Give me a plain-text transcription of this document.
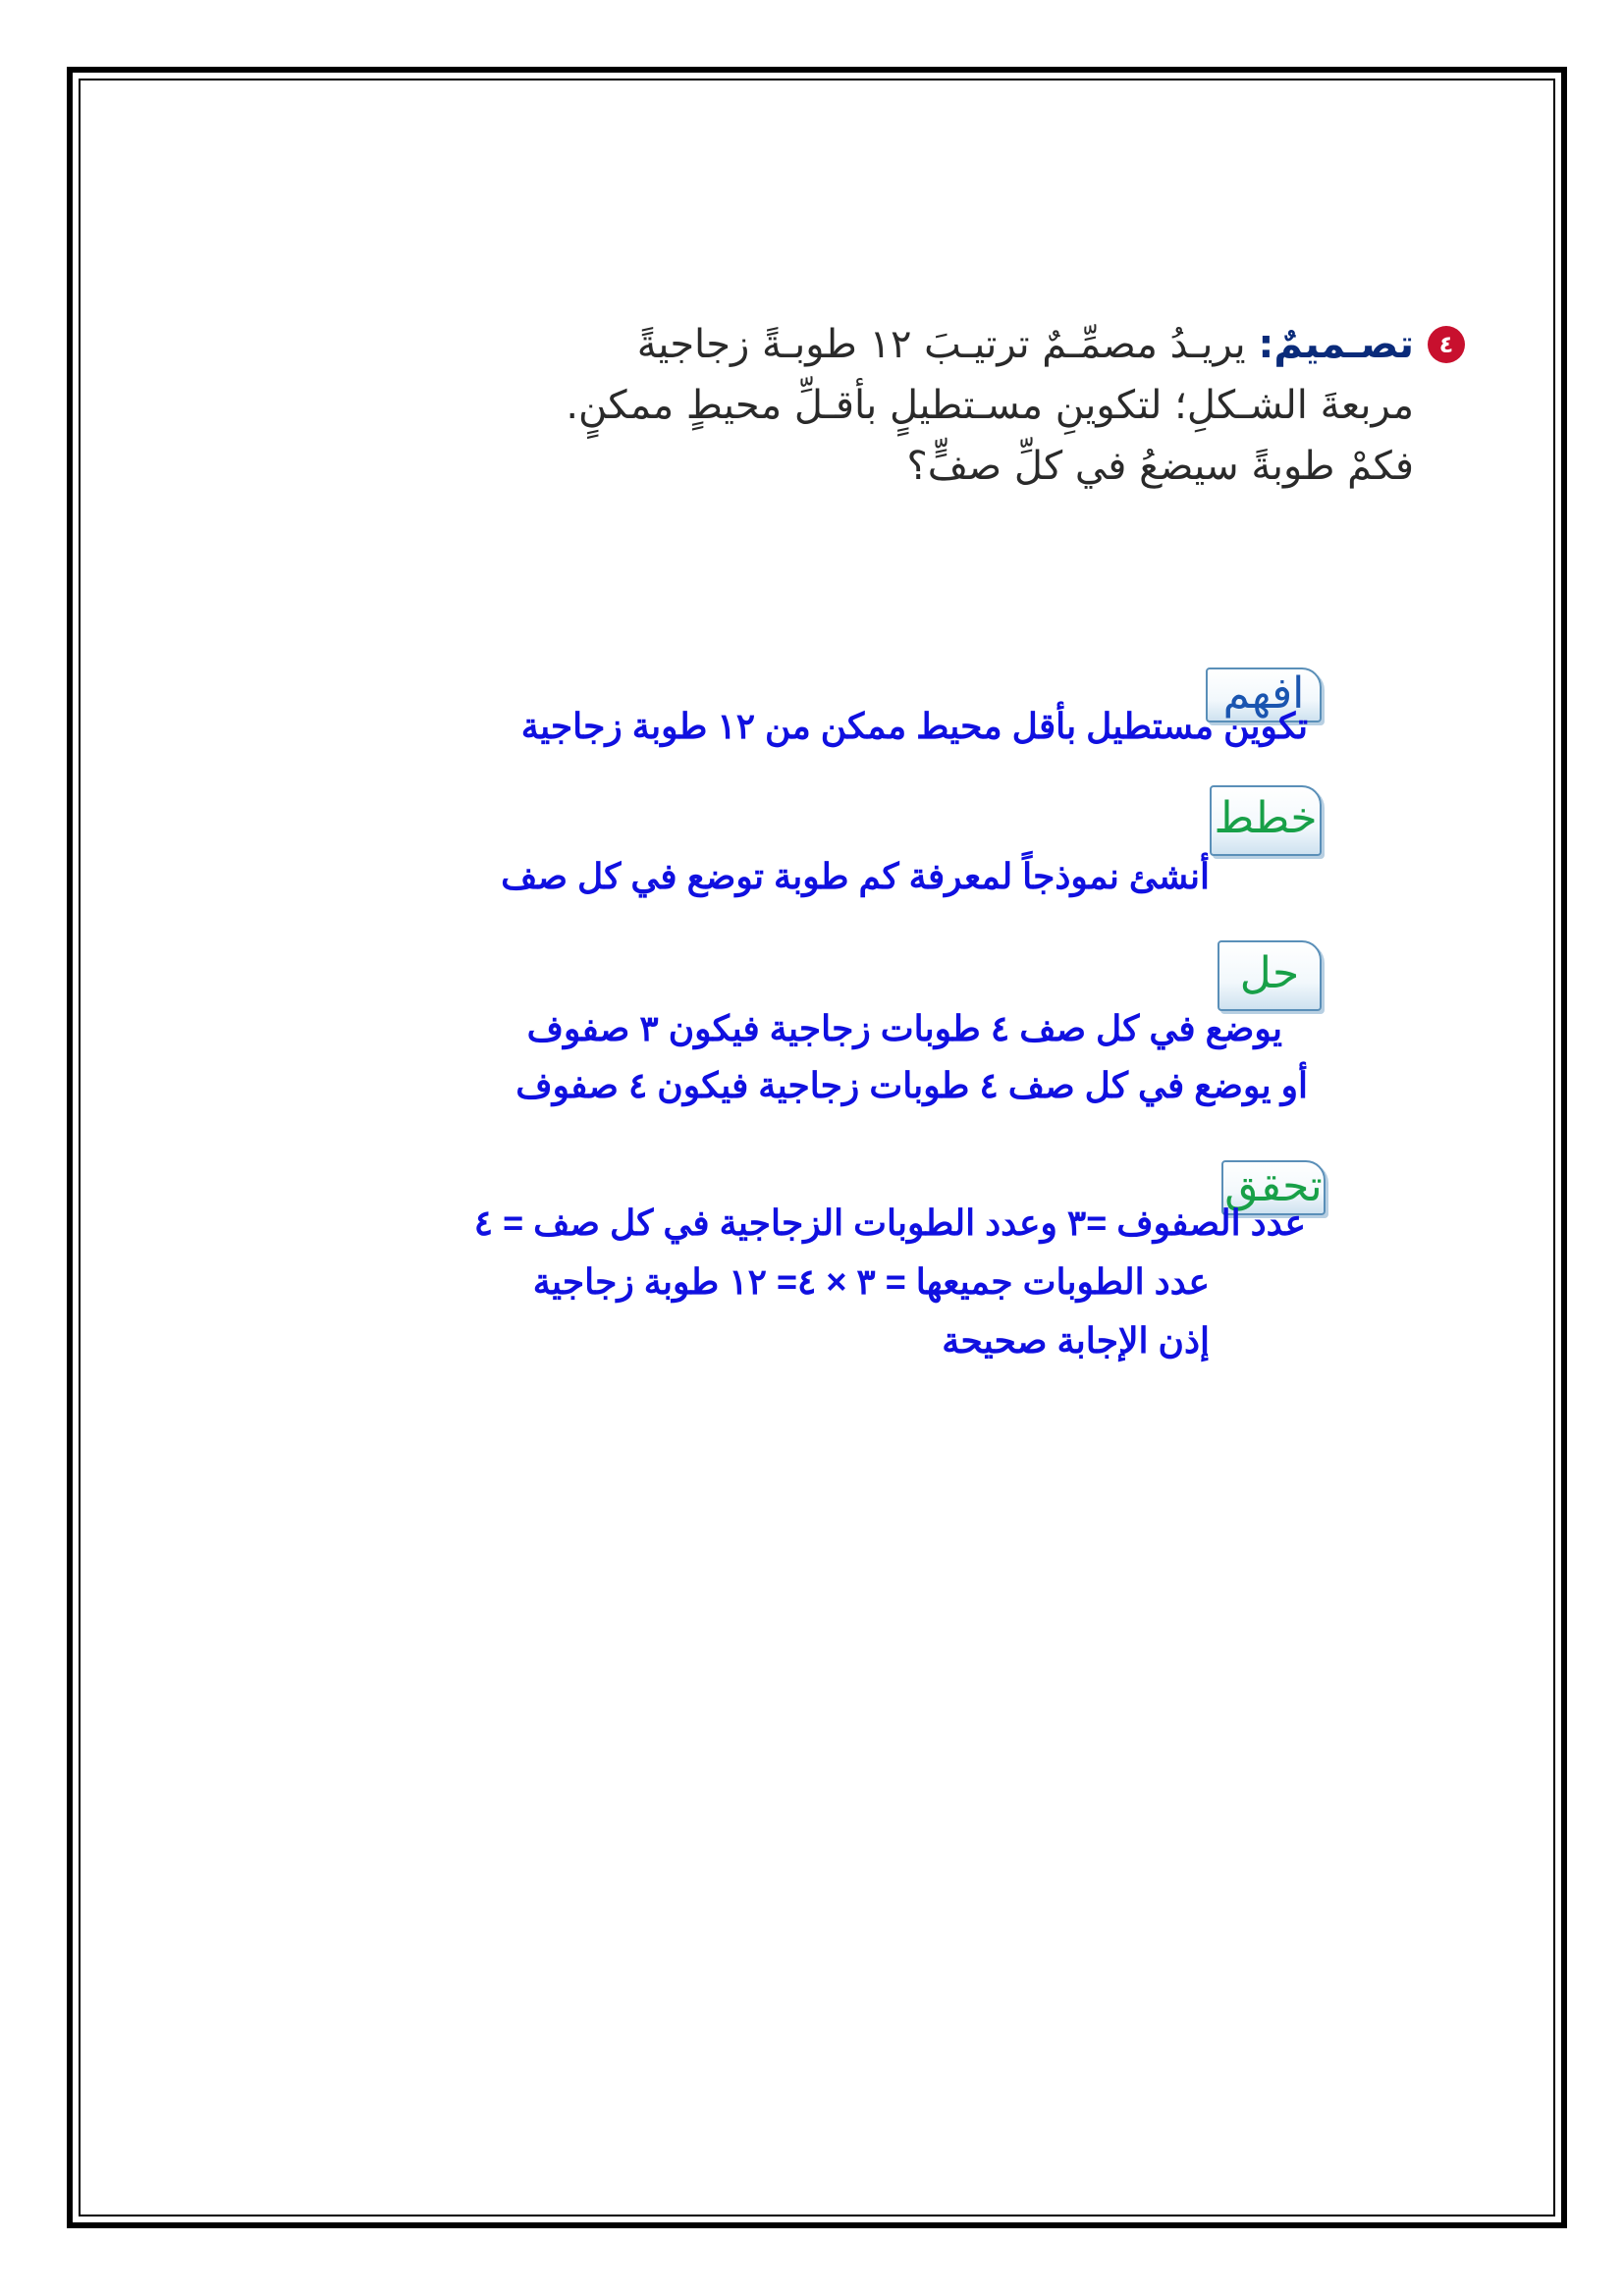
٤
تصـميمٌ: يريـدُ مصمِّـمٌ ترتيـبَ ١٢ طوبـةً زجاجيةً
مربعةَ الشـكلِ؛ لتكوينِ مسـتطيلٍ بأقـلِّ محيطٍ ممكنٍ.
فكمْ طوبةً سيضعُ في كلِّ صفٍّ؟
افهم
تكوين مستطيل بأقل محيط ممكن من ١٢ طوبة زجاجية
خطط
أنشئ نموذجاً لمعرفة كم طوبة توضع في كل صف
حل
يوضع في كل صف ٤ طوبات زجاجية فيكون ٣ صفوف
أو يوضع في كل صف ٤ طوبات زجاجية فيكون ٤ صفوف
تحقق
عدد الصفوف =٣ وعدد الطوبات الزجاجية في كل صف = ٤
عدد الطوبات جميعها = ٣ × ٤= ١٢ طوبة زجاجية
إذن الإجابة صحيحة
